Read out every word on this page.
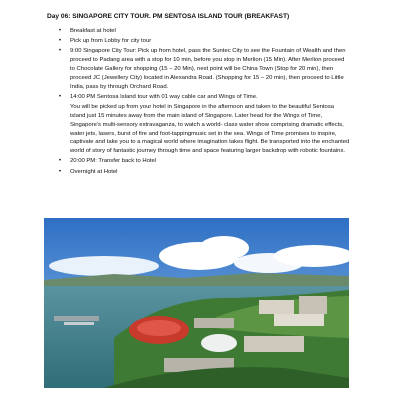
Day 06: SINGAPORE CITY TOUR. PM SENTOSA ISLAND TOUR (BREAKFAST)
• Breakfast at hotel
• Pick up from Lobby for city tour
• 9:00 Singapore City Tour: Pick up from hotel, pass the Suntec City to see the Fountain of Wealth and then proceed to Padang area with a stop for 10 min, before you stop in Merlion (15 Min). After Merlion proceed to Chocolate Gallery for shopping (15 – 20 Min), next point will be China Town (Stop for 20 min), then proceed JC (Jewellery City) located in Alexandra Road. (Shopping for 15 – 20 min), then proceed to Little India, pass by through Orchard Road.
• 14:00 PM Sentosa Island tour with 01 way cable car and Wings of Time.
You will be picked up from your hotel in Singapore in the afternoon and taken to the beautiful Sentosa island just 15 minutes away from the main island of Singapore. Later head for the Wings of Time, Singapore’s multi-sensory extravaganza, to watch a world- class water show comprising dramatic effects, water jets, lasers, burst of fire and foot-tappingmusic set in the sea. Wings of Time promises to inspire, captivate and take you to a magical world where imagination takes flight. Be transported into the enchanted world of story of fantastic journey through time and space featuring larger backdrop with robotic fountains.
• 20:00 PM: Transfer back to Hotel
• Overnight at Hotel
